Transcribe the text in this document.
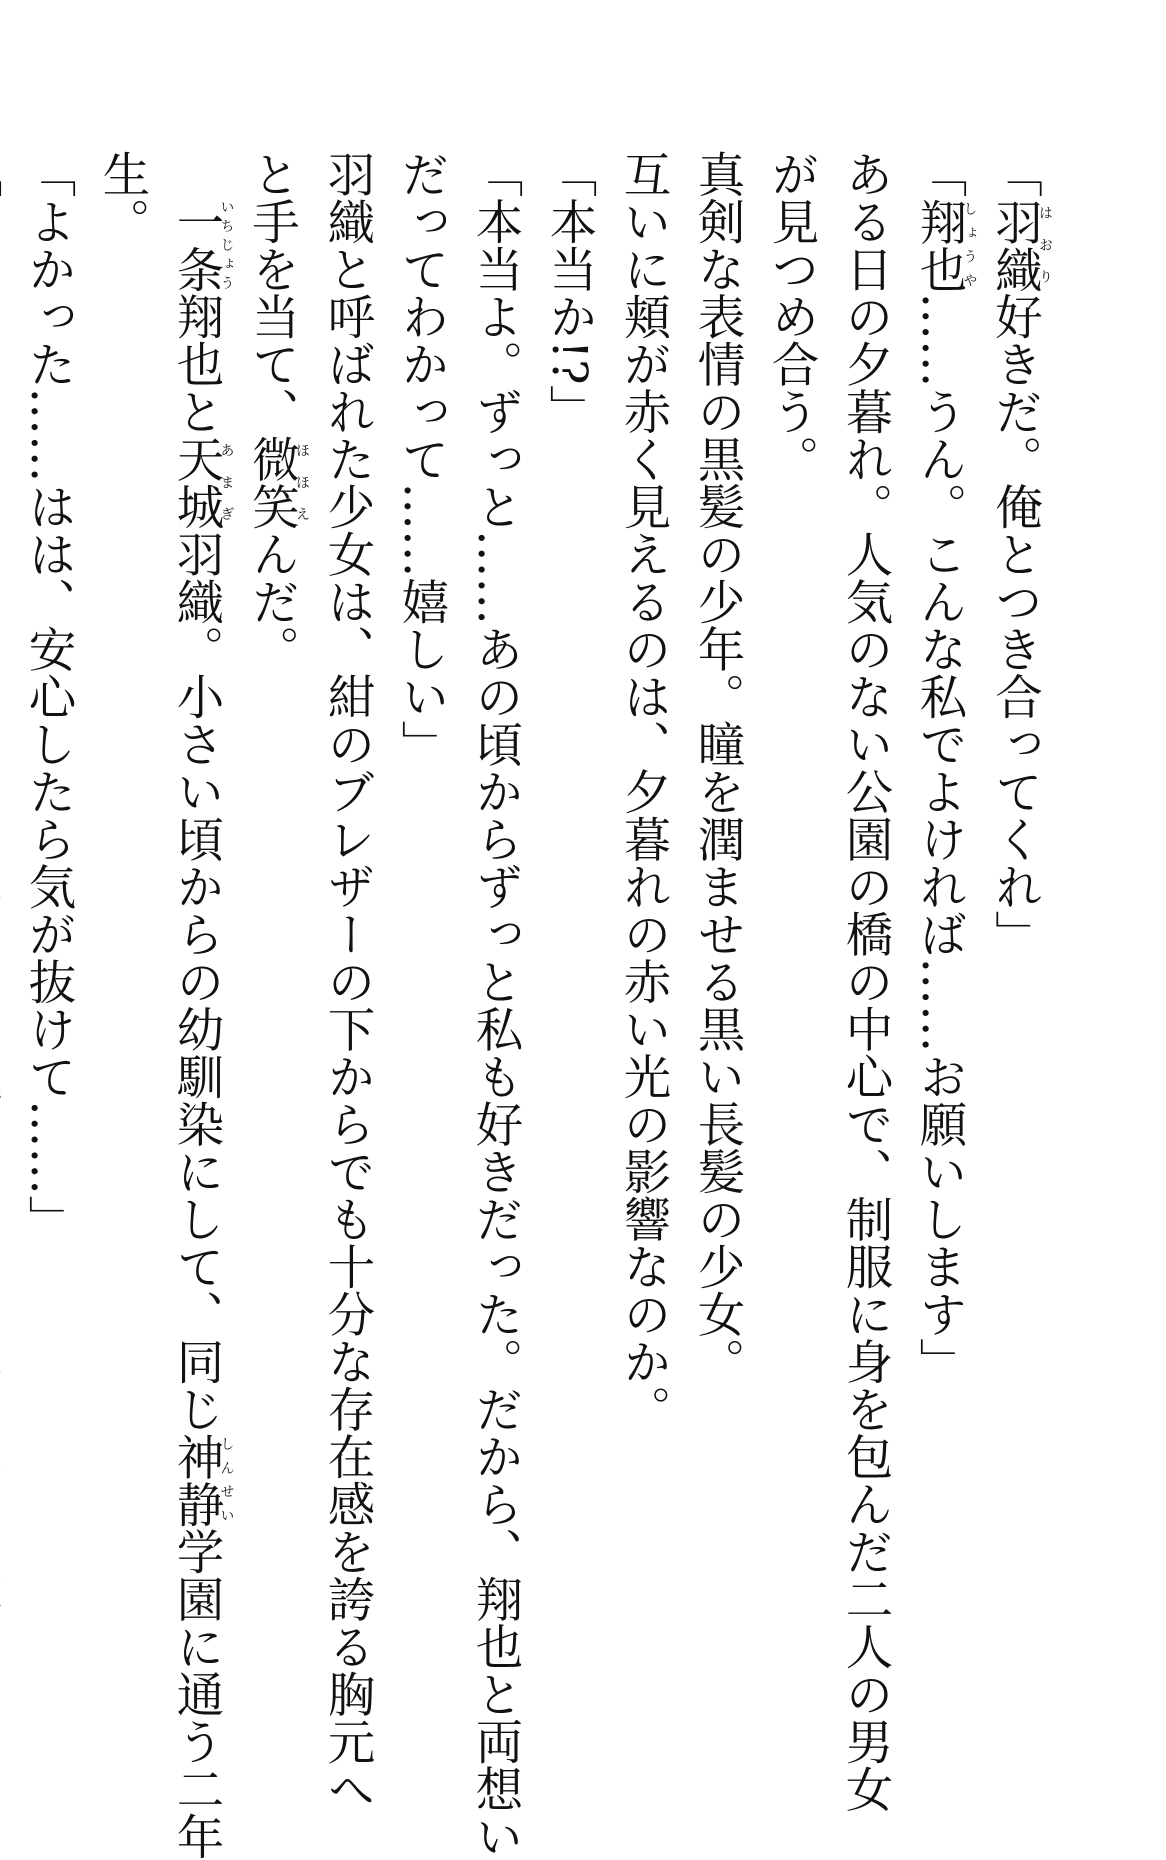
「羽織はおり好きだ。俺とつき合ってくれ」
「翔也しょうや……うん。こんな私でよければ……お願いします」
ある日の夕暮れ。人気のない公園の橋の中心で、制服に身を包んだ二人の男女
が見つめ合う。
真剣な表情の黒髪の少年。瞳を潤ませる黒い長髪の少女。
互いに頬が赤く見えるのは、夕暮れの赤い光の影響なのか。
「本当か!?」
「本当よ。ずっと……あの頃からずっと私も好きだった。だから、翔也と両想い
だってわかって……嬉しい」
羽織と呼ばれた少女は、紺のブレザーの下からでも十分な存在感を誇る胸元へ
と手を当て、微笑ほほえんだ。
　一条いちじょう翔也と天城あまぎ羽織。小さい頃からの幼馴染にして、同じ神静しんせい学園に通う二年
生。
「よかった……はは、安心したら気が抜けて……」
